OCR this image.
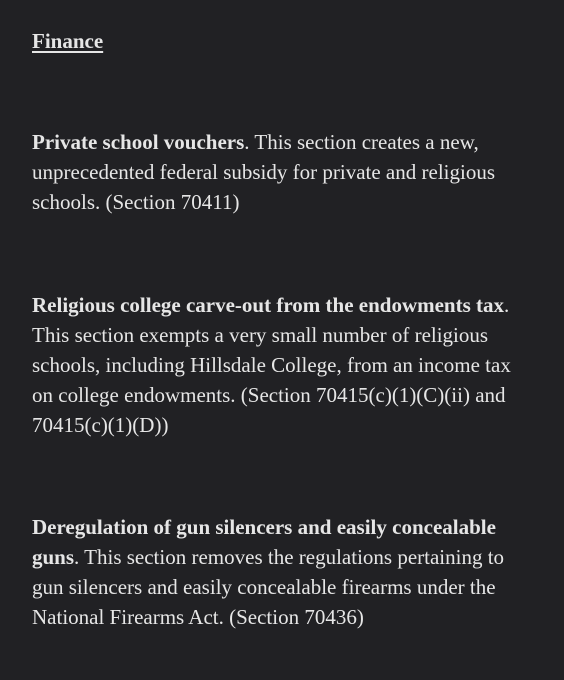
Finance

Private school vouchers. This section creates a new, unprecedented federal subsidy for private and religious schools. (Section 70411)

Religious college carve-out from the endowments tax. This section exempts a very small number of religious schools, including Hillsdale College, from an income tax on college endowments. (Section 70415(c)(1)(C)(ii) and 70415(c)(1)(D))

Deregulation of gun silencers and easily concealable guns. This section removes the regulations pertaining to gun silencers and easily concealable firearms under the National Firearms Act. (Section 70436)
